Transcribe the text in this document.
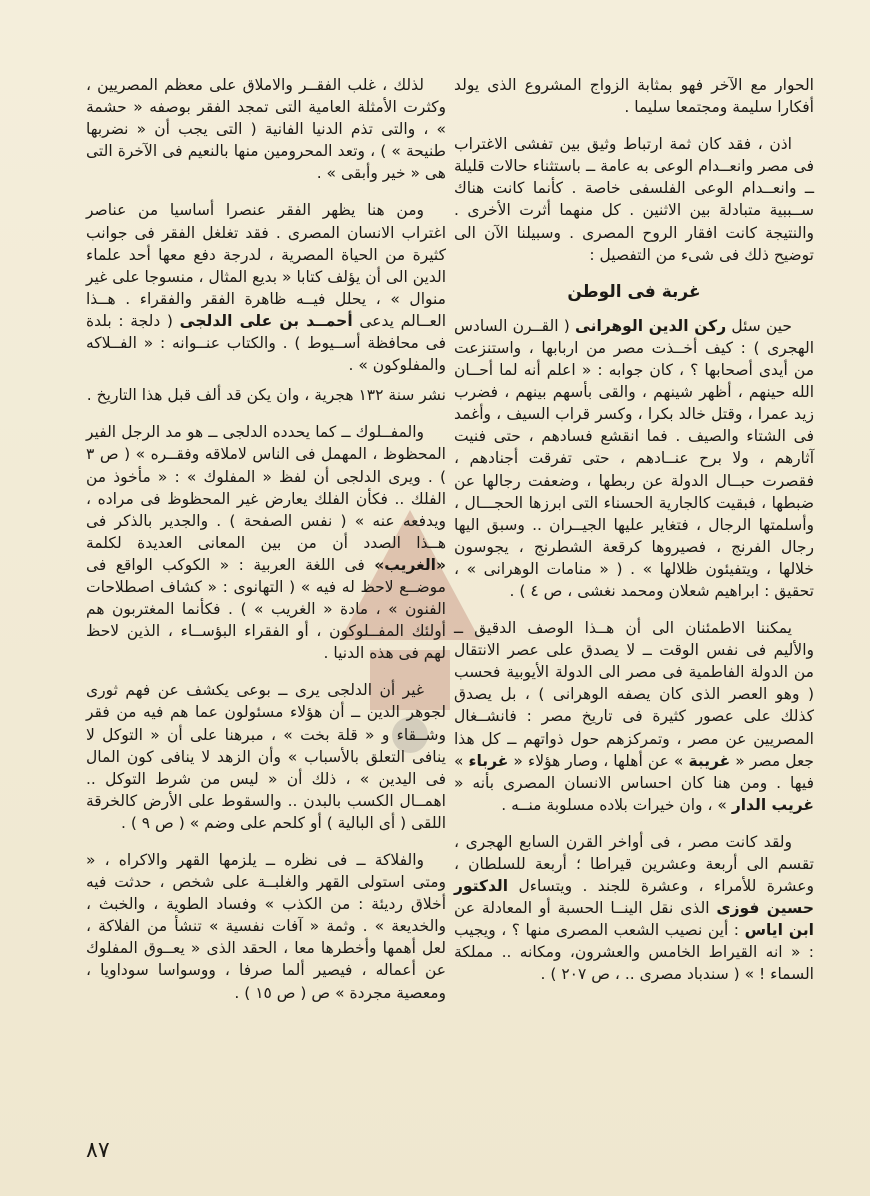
الحوار مع الآخر فهو بمثابة الزواج المشروع الذى يولد أفكارا سليمة ومجتمعا سليما .

اذن ، فقد كان ثمة ارتباط وثيق بين تفشى الاغتراب فى مصر وانعــدام الوعى به عامة ــ باستثناء حالات قليلة ــ وانعــدام الوعى الفلسفى خاصة . كأنما كانت هناك ســببية متبادلة بين الاثنين . كل منهما أثرت الأخرى . والنتيجة كانت افقار الروح المصرى . وسبيلنا الآن الى توضيح ذلك فى شىء من التفصيل :

غربة فى الوطن

حين سئل ركن الدين الوهرانى ( القــرن السادس الهجرى ) : كيف أخــذت مصر من اربابها ، واستنزعت من أيدى أصحابها ؟ ، كان جوابه : « اعلم أنه لما أحــان الله حينهم ، أظهر شينهم ، والقى بأسهم بينهم ، فضرب زيد عمرا ، وقتل خالد بكرا ، وكسر قراب السيف ، وأغمد فى الشتاء والصيف . فما انقشع فسادهم ، حتى فنيت آثارهم ، ولا برح عنــادهم ، حتى تفرقت أجنادهم ، فقصرت حبــال الدولة عن ربطها ، وضعفت رجالها عن ضبطها ، فبقيت كالجارية الحسناء التى ابرزها الحجـــال ، وأسلمتها الرجال ، فتغاير عليها الجيــران .. وسبق اليها رجال الفرنج ، فصيروها كرقعة الشطرنج ، يجوسون خلالها ، ويتفيئون ظلالها » . ( « منامات الوهرانى » ، تحقيق : ابراهيم شعلان ومحمد نغشى ، ص ٤ ) .

يمكننا الاطمئنان الى أن هــذا الوصف الدقيق ــ والأليم فى نفس الوقت ــ لا يصدق على عصر الانتقال من الدولة الفاطمية فى مصر الى الدولة الأيوبية فحسب ( وهو العصر الذى كان يصفه الوهرانى ) ، بل يصدق كذلك على عصور كثيرة فى تاريخ مصر : فانشــغال المصريين عن مصر ، وتمركزهم حول ذواتهم ــ كل هذا جعل مصر « غريبة » عن أهلها ، وصار هؤلاء « غرباء » فيها . ومن هنا كان احساس الانسان المصرى بأنه « غريب الدار » ، وان خيرات بلاده مسلوبة منــه .

ولقد كانت مصر ، فى أواخر القرن السابع الهجرى ، تقسم الى أربعة وعشرين قيراطا ؛ أربعة للسلطان ، وعشرة للأمراء ، وعشرة للجند . ويتساءل الدكتور حسين فوزى الذى نقل الينــا الحسبة أو المعادلة عن ابن اياس : أين نصيب الشعب المصرى منها ؟ ، ويجيب : « انه القيراط الخامس والعشرون، ومكانه .. مملكة السماء ! » ( سندباد مصرى .. ، ص ٢٠٧ ) .

لذلك ، غلب الفقــر والاملاق على معظم المصريين ، وكثرت الأمثلة العامية التى تمجد الفقر بوصفه « حشمة » ، والتى تذم الدنيا الفانية ( التى يجب أن « نضربها طنيحة » ) ، وتعد المحرومين منها بالنعيم فى الآخرة التى هى « خير وأبقى » .

ومن هنا يظهر الفقر عنصرا أساسيا من عناصر اغتراب الانسان المصرى . فقد تغلغل الفقر فى جوانب كثيرة من الحياة المصرية ، لدرجة دفع معها أحد علماء الدين الى أن يؤلف كتابا « بديع المثال ، منسوجا على غير منوال » ، يحلل فيــه ظاهرة الفقر والفقراء . هــذا العــالم يدعى أحمــد بن على الدلجى ( دلجة : بلدة فى محافظة أســيوط ) . والكتاب عنــوانه : « الفــلاكه والمفلوكون » .

نشر سنة ١٣٢ هجرية ، وان يكن قد ألف قبل هذا التاريخ .

والمفــلوك ــ كما يحدده الدلجى ــ هو مد الرجل الفير المحظوظ ، المهمل فى الناس لاملاقه وفقــره » ( ص ٣ ) . ويرى الدلجى أن لفظ « المفلوك » : « مأخوذ من الفلك .. فكأن الفلك يعارض غير المحظوظ فى مراده ، ويدفعه عنه » ( نفس الصفحة ) . والجدير بالذكر فى هــذا الصدد أن من بين المعانى العديدة لكلمة «الغريب» فى اللغة العربية : « الكوكب الواقع فى موضــع لاحظ له فيه » ( التهانوى : « كشاف اصطلاحات الفنون » ، مادة « الغريب » ) . فكأنما المغتربون هم أولئك المفــلوكون ، أو الفقراء البؤســاء ، الذين لاحظ لهم فى هذه الدنيا .

غير أن الدلجى يرى ــ بوعى يكشف عن فهم ثورى لجوهر الدين ــ أن هؤلاء مسئولون عما هم فيه من فقر وشــقاء و « قلة بخت » ، مبرهنا على أن « التوكل لا ينافى التعلق بالأسباب » وأن الزهد لا ينافى كون المال فى اليدين » ، ذلك أن « ليس من شرط التوكل .. اهمــال الكسب بالبدن .. والسقوط على الأرض كالخرقة اللقى ( أى البالية ) أو كلحم على وضم » ( ص ٩ ) .

والفلاكة ــ فى نظره ــ يلزمها القهر والاكراه ، « ومتى استولى القهر والغلبــة على شخص ، حدثت فيه أخلاق رديئة : من الكذب » وفساد الطوية ، والخبث ، والخديعة » . وثمة « آفات نفسية » تنشأ من الفلاكة ، لعل أهمها وأخطرها معا ، الحقد الذى « يعــوق المفلوك عن أعماله ، فيصير ألما صرفا ، ووسواسا سوداويا ، ومعصية مجردة » ص ( ص ١٥ ) .

٨٧
